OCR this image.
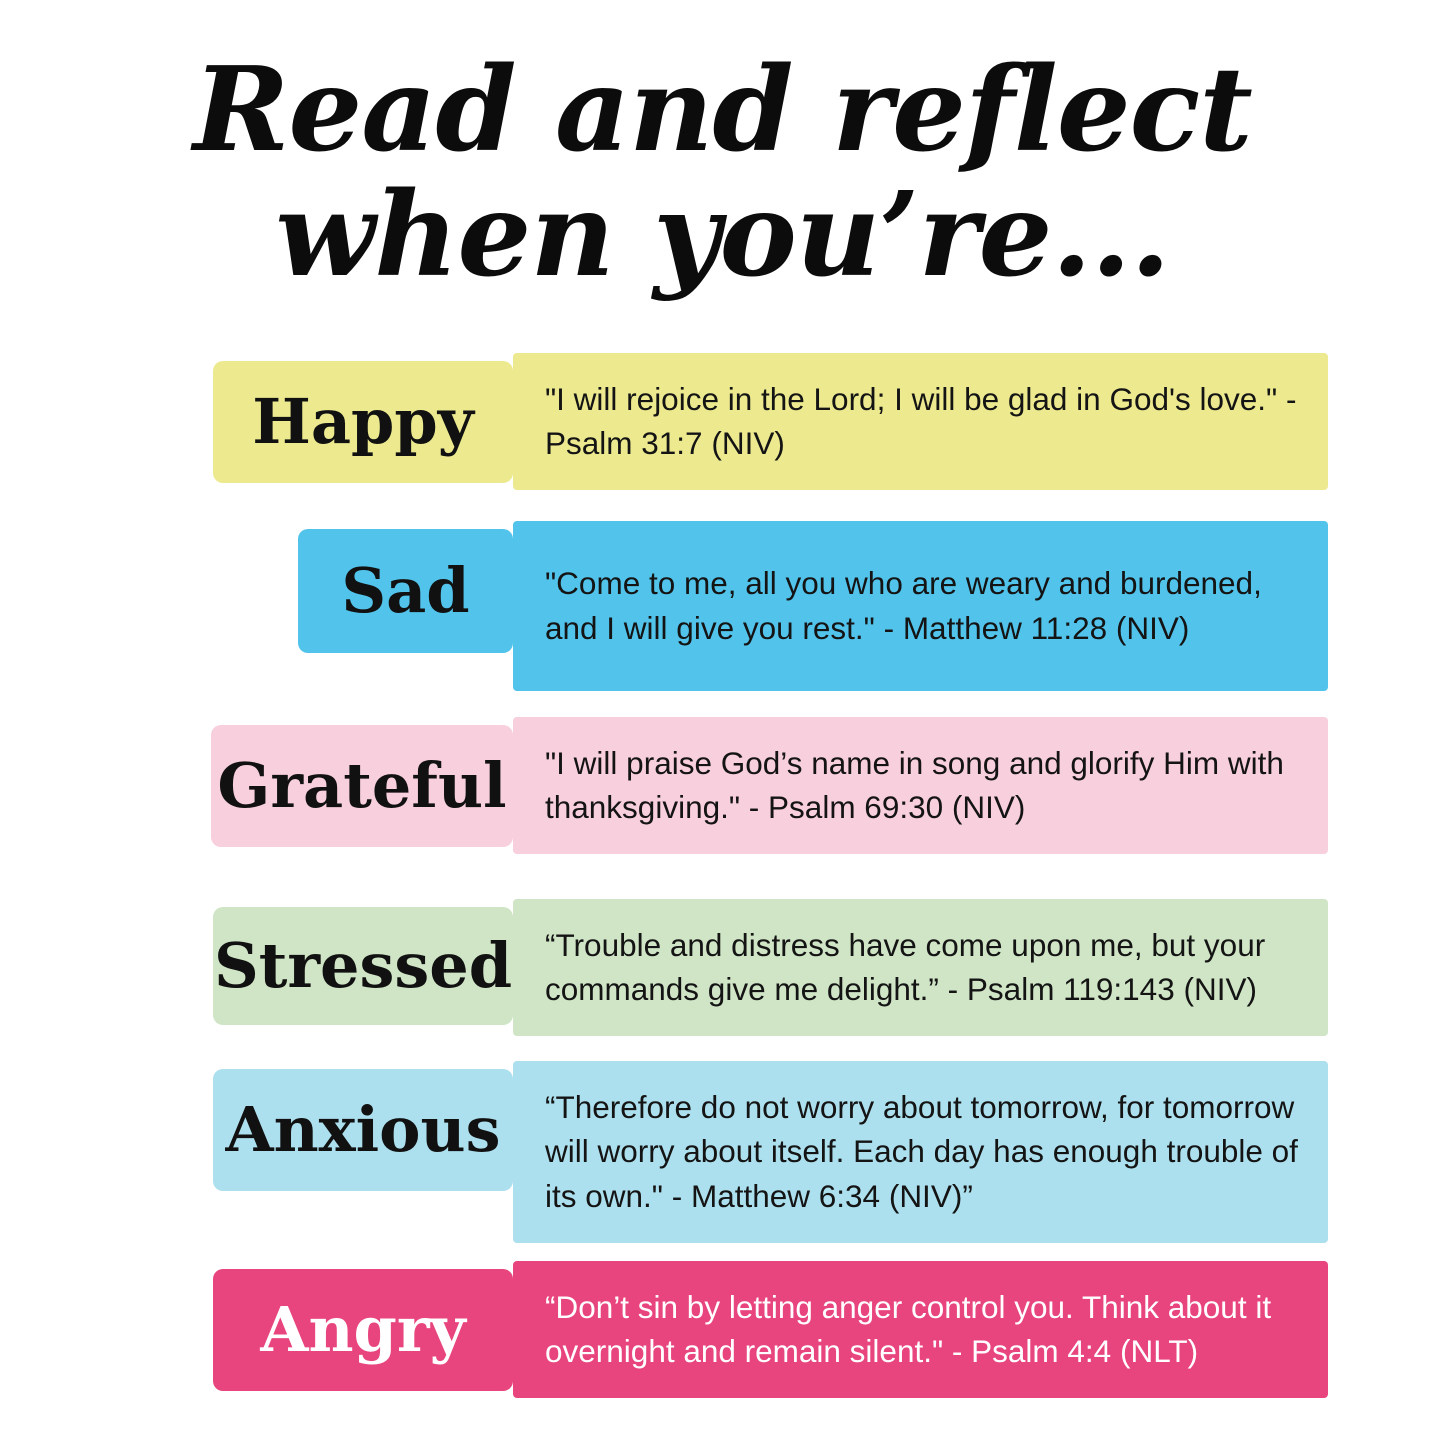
Read and reflect
when you’re...
Happy "I will rejoice in the Lord; I will be glad in God's love." - Psalm 31:7 (NIV)
Sad "Come to me, all you who are weary and burdened, and I will give you rest." - Matthew 11:28 (NIV)
Grateful "I will praise God’s name in song and glorify Him with thanksgiving." - Psalm 69:30 (NIV)
Stressed “Trouble and distress have come upon me, but your commands give me delight.” - Psalm 119:143 (NIV)
Anxious “Therefore do not worry about tomorrow, for tomorrow will worry about itself. Each day has enough trouble of its own." - Matthew 6:34 (NIV)”
Angry	“Don’t sin by letting anger control you. Think about it overnight and remain silent." - Psalm 4:4 (NLT)
